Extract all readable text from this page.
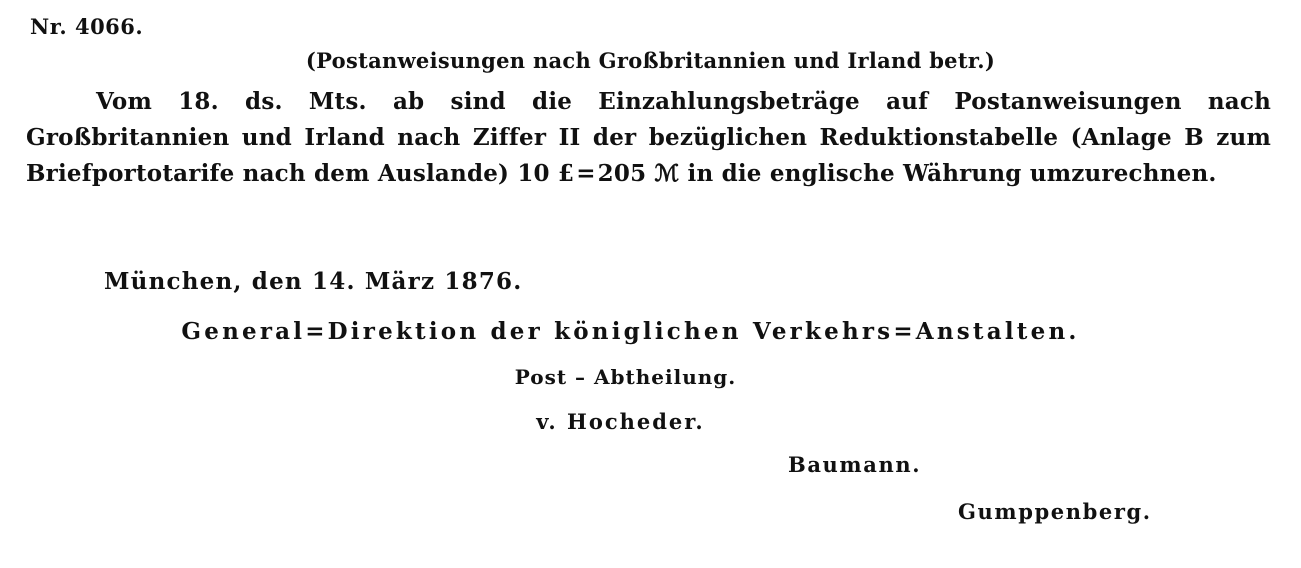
Nr. 4066.
(Postanweisungen nach Großbritannien und Irland betr.)
Vom 18. ds. Mts. ab sind die Einzahlungsbeträge auf Postanweisungen nach Großbritannien und Irland nach Ziffer II der bezüglichen Reduktionstabelle (Anlage B zum Briefportotarife nach dem Auslande) 10 £=205 ℳ in die englische Währung umzurechnen.
München, den 14. März 1876.
General=Direktion der königlichen Verkehrs=Anstalten.
Post – Abtheilung.
v. Hocheder.
Baumann.
Gumppenberg.
